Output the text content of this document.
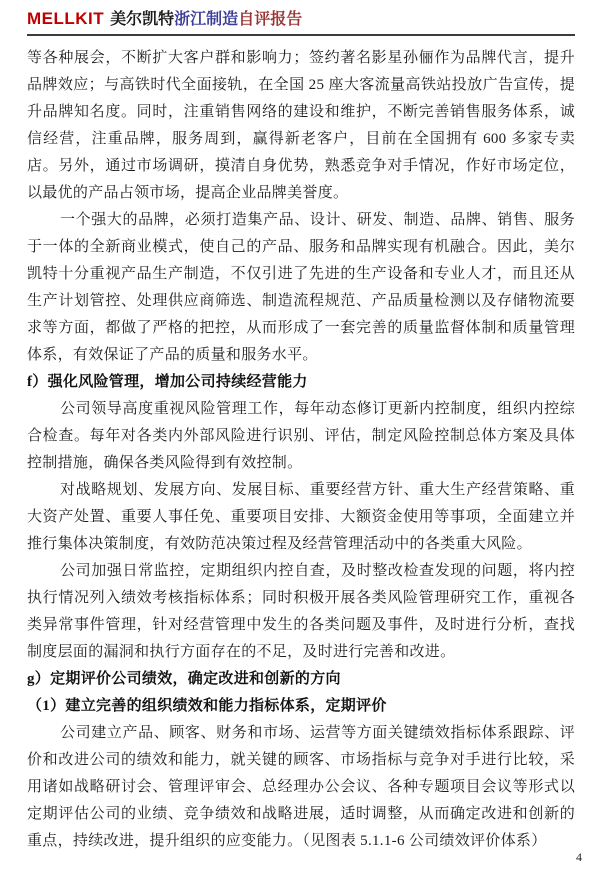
MELLKIT 美尔凯特 浙江制造 自评报告

等各种展会，不断扩大客户群和影响力；签约著名影星孙俪作为品牌代言，提升品牌效应；与高铁时代全面接轨，在全国 25 座大客流量高铁站投放广告宣传，提升品牌知名度。同时，注重销售网络的建设和维护，不断完善销售服务体系，诚信经营，注重品牌，服务周到，赢得新老客户，目前在全国拥有 600 多家专卖店。另外，通过市场调研，摸清自身优势，熟悉竞争对手情况，作好市场定位，以最优的产品占领市场，提高企业品牌美誉度。

一个强大的品牌，必须打造集产品、设计、研发、制造、品牌、销售、服务于一体的全新商业模式，使自己的产品、服务和品牌实现有机融合。因此，美尔凯特十分重视产品生产制造，不仅引进了先进的生产设备和专业人才，而且还从生产计划管控、处理供应商筛选、制造流程规范、产品质量检测以及存储物流要求等方面，都做了严格的把控，从而形成了一套完善的质量监督体制和质量管理体系，有效保证了产品的质量和服务水平。

f）强化风险管理，增加公司持续经营能力

公司领导高度重视风险管理工作，每年动态修订更新内控制度，组织内控综合检查。每年对各类内外部风险进行识别、评估，制定风险控制总体方案及具体控制措施，确保各类风险得到有效控制。

对战略规划、发展方向、发展目标、重要经营方针、重大生产经营策略、重大资产处置、重要人事任免、重要项目安排、大额资金使用等事项，全面建立并推行集体决策制度，有效防范决策过程及经营管理活动中的各类重大风险。

公司加强日常监控，定期组织内控自查，及时整改检查发现的问题，将内控执行情况列入绩效考核指标体系；同时积极开展各类风险管理研究工作，重视各类异常事件管理，针对经营管理中发生的各类问题及事件，及时进行分析，查找制度层面的漏洞和执行方面存在的不足，及时进行完善和改进。

g）定期评价公司绩效，确定改进和创新的方向

（1）建立完善的组织绩效和能力指标体系，定期评价

公司建立产品、顾客、财务和市场、运营等方面关键绩效指标体系跟踪、评价和改进公司的绩效和能力，就关键的顾客、市场指标与竞争对手进行比较，采用诸如战略研讨会、管理评审会、总经理办公会议、各种专题项目会议等形式以定期评估公司的业绩、竞争绩效和战略进展，适时调整，从而确定改进和创新的重点，持续改进，提升组织的应变能力。（见图表 5.1.1-6 公司绩效评价体系）

4
